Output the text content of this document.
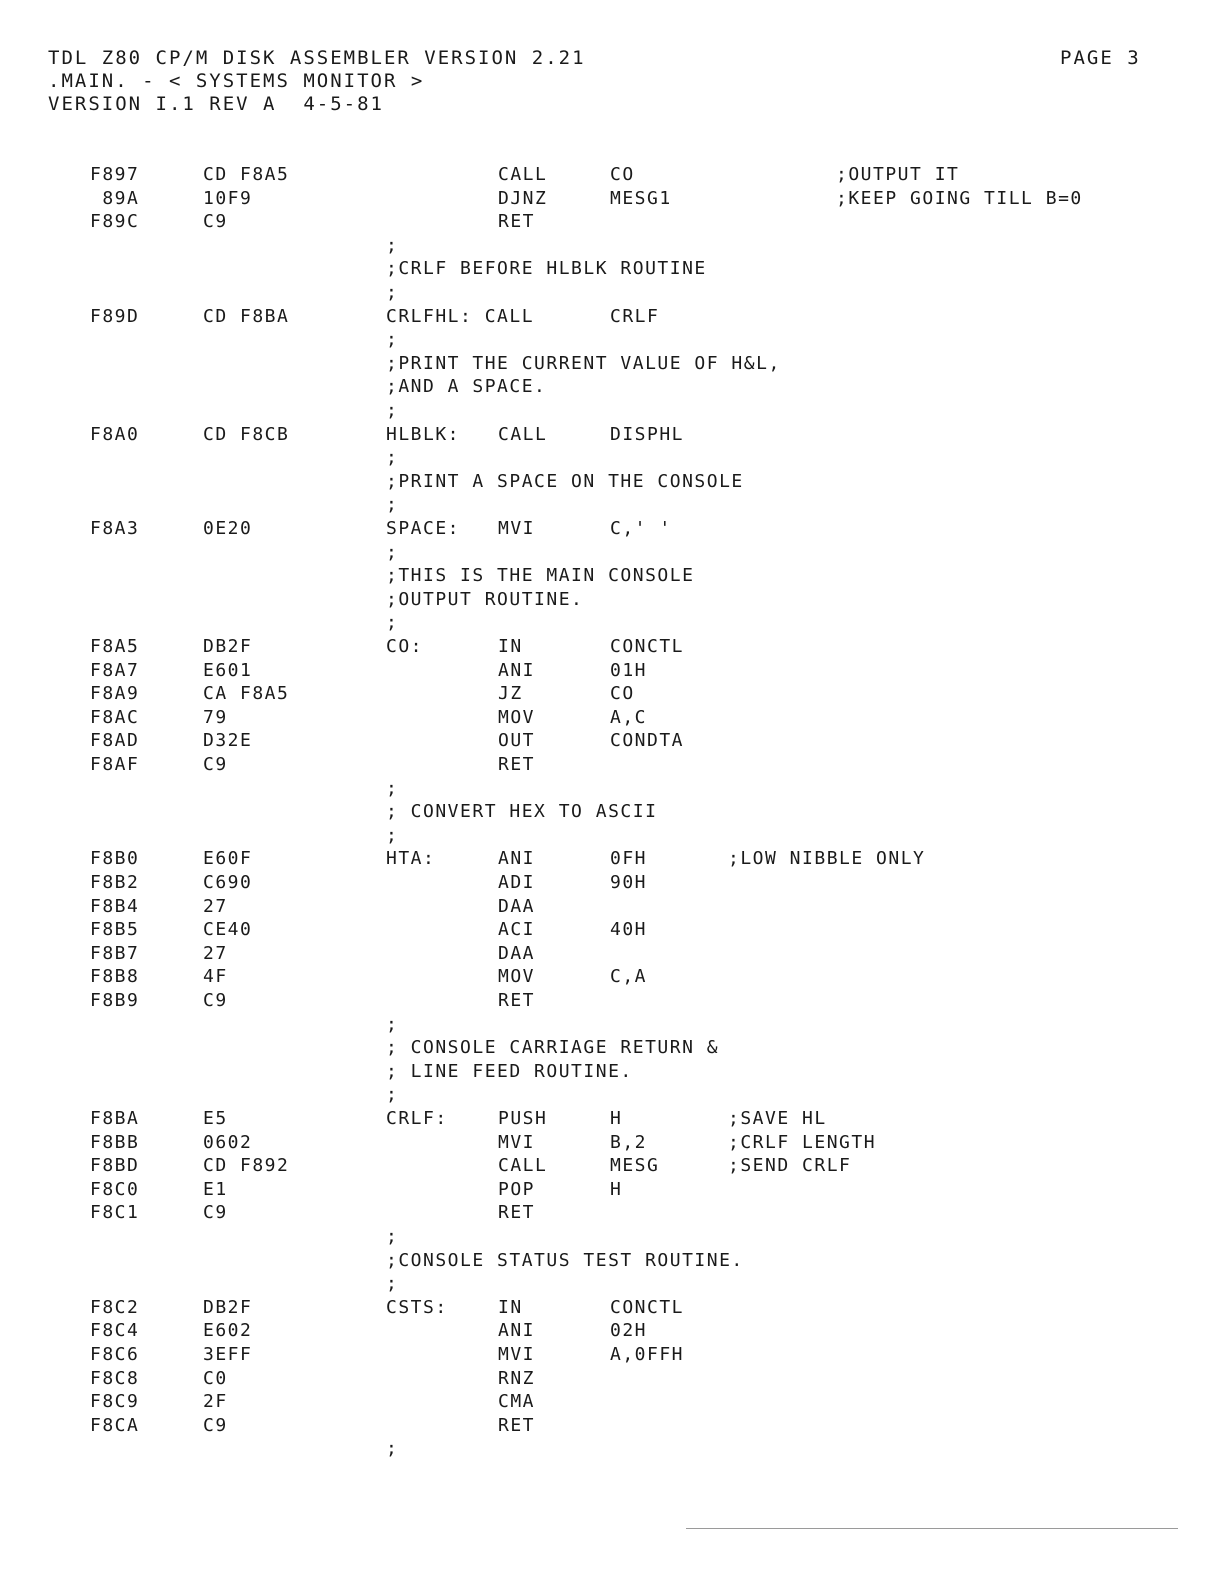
TDL Z80 CP/M DISK ASSEMBLER VERSION 2.21
.MAIN. - < SYSTEMS MONITOR >
VERSION I.1 REV A  4-5-81
PAGE 3
F897	CD F8A5	CALL	CO	;OUTPUT IT
89A	10F9	DJNZ	MESG1	;KEEP GOING TILL B=0
F89C	C9	RET
;
;CRLF BEFORE HLBLK ROUTINE
;
F89D	CD F8BA	CRLFHL: CALL	CRLF
;
;PRINT THE CURRENT VALUE OF H&L,
;AND A SPACE.
;
F8A0	CD F8CB	HLBLK: CALL	DISPHL
;
;PRINT A SPACE ON THE CONSOLE
;
F8A3	0E20	SPACE: MVI	C,' '
;
;THIS IS THE MAIN CONSOLE
;OUTPUT ROUTINE.
;
F8A5	DB2F	CO:	IN	CONCTL
F8A7	E601	ANI	01H
F8A9	CA F8A5	JZ	CO
F8AC	79	MOV	A,C
F8AD	D32E	OUT	CONDTA
F8AF	C9	RET
;
; CONVERT HEX TO ASCII
;
F8B0	E60F	HTA:	ANI	0FH	;LOW NIBBLE ONLY
F8B2	C690	ADI	90H
F8B4	27	DAA
F8B5	CE40	ACI	40H
F8B7	27	DAA
F8B8	4F	MOV	C,A
F8B9	C9	RET
;
; CONSOLE CARRIAGE RETURN &
; LINE FEED ROUTINE.
;
F8BA	E5	CRLF:	PUSH	H	;SAVE HL
F8BB	0602	MVI	B,2	;CRLF LENGTH
F8BD	CD F892	CALL	MESG	;SEND CRLF
F8C0	E1	POP	H
F8C1	C9	RET
;
;CONSOLE STATUS TEST ROUTINE.
;
F8C2	DB2F	CSTS:	IN	CONCTL
F8C4	E602	ANI	02H
F8C6	3EFF	MVI	A,0FFH
F8C8	C0	RNZ
F8C9	2F	CMA
F8CA	C9	RET
;
